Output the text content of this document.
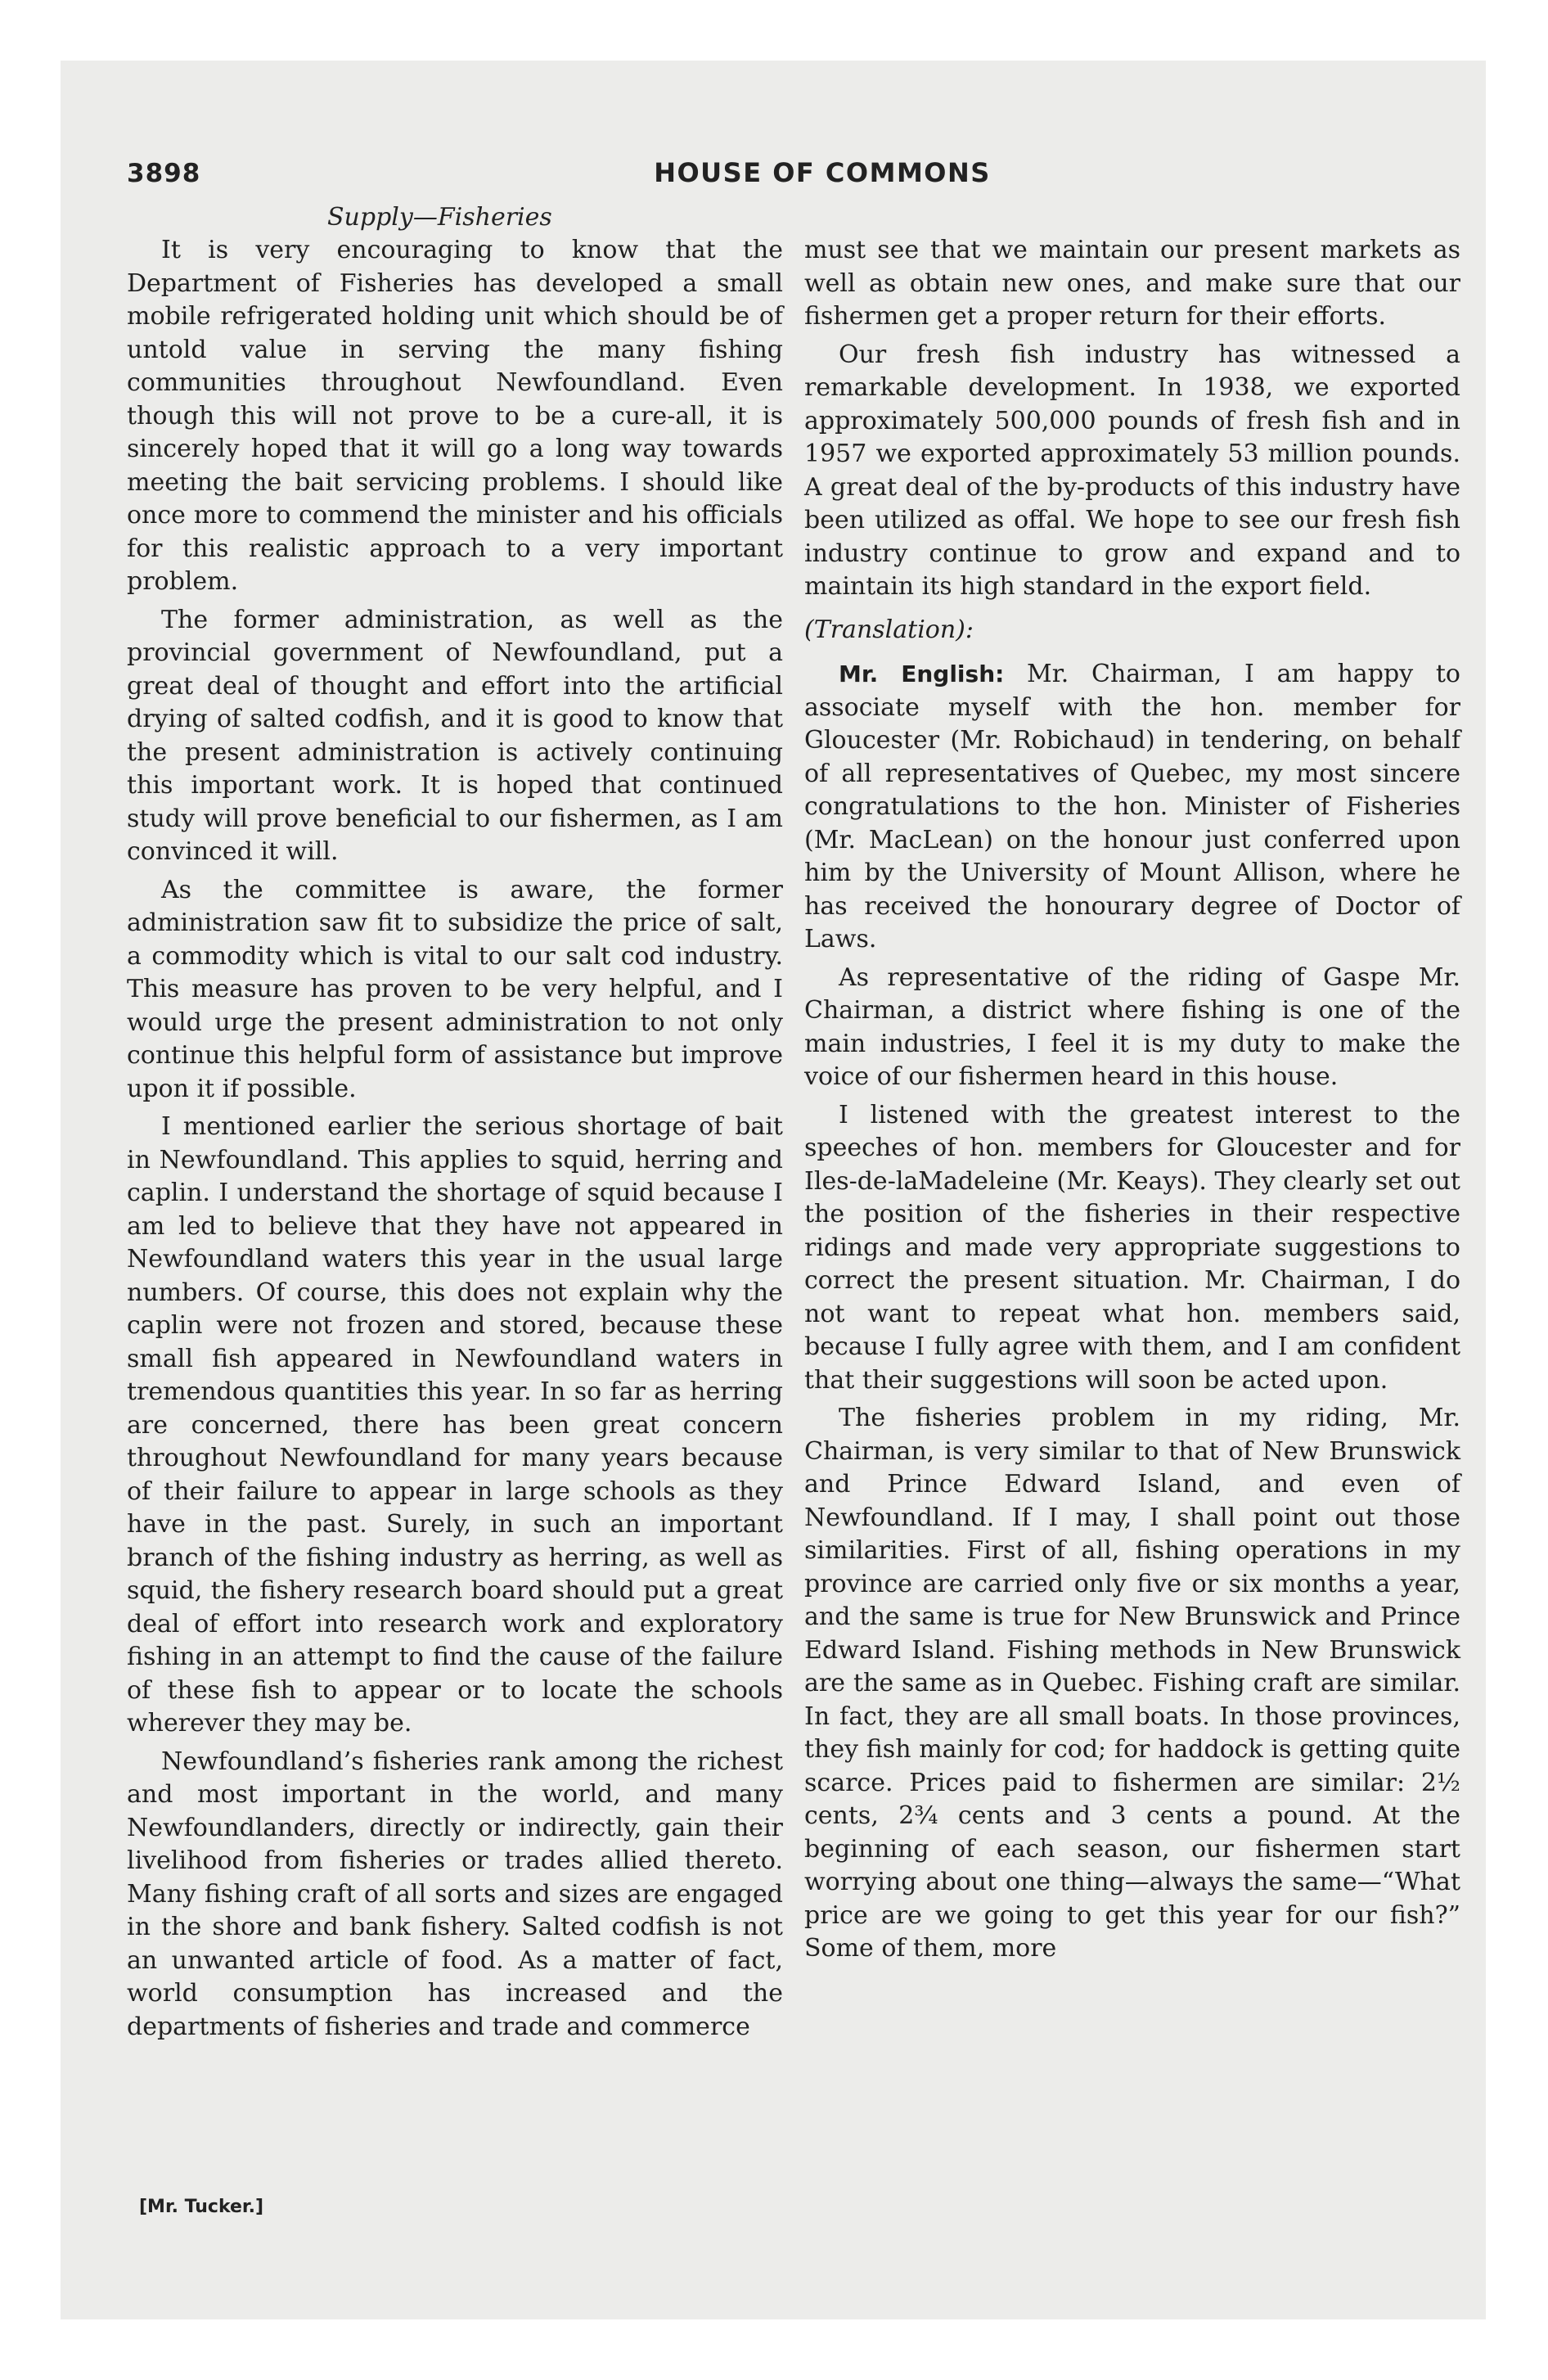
3898	HOUSE OF COMMONS
Supply—Fisheries

It is very encouraging to know that the Department of Fisheries has developed a small mobile refrigerated holding unit which should be of untold value in serving the many fishing communities throughout Newfoundland. Even though this will not prove to be a cure-all, it is sincerely hoped that it will go a long way towards meeting the bait servicing problems. I should like once more to commend the minister and his officials for this realistic approach to a very important problem.

The former administration, as well as the provincial government of Newfoundland, put a great deal of thought and effort into the artificial drying of salted codfish, and it is good to know that the present administration is actively continuing this important work. It is hoped that continued study will prove beneficial to our fishermen, as I am convinced it will.

As the committee is aware, the former administration saw fit to subsidize the price of salt, a commodity which is vital to our salt cod industry. This measure has proven to be very helpful, and I would urge the present administration to not only continue this helpful form of assistance but improve upon it if possible.

I mentioned earlier the serious shortage of bait in Newfoundland. This applies to squid, herring and caplin. I understand the shortage of squid because I am led to believe that they have not appeared in Newfoundland waters this year in the usual large numbers. Of course, this does not explain why the caplin were not frozen and stored, because these small fish appeared in Newfoundland waters in tremendous quantities this year. In so far as herring are concerned, there has been great concern throughout Newfoundland for many years because of their failure to appear in large schools as they have in the past. Surely, in such an important branch of the fishing industry as herring, as well as squid, the fishery research board should put a great deal of effort into research work and exploratory fishing in an attempt to find the cause of the failure of these fish to appear or to locate the schools wherever they may be.

Newfoundland’s fisheries rank among the richest and most important in the world, and many Newfoundlanders, directly or indirectly, gain their livelihood from fisheries or trades allied thereto. Many fishing craft of all sorts and sizes are engaged in the shore and bank fishery. Salted codfish is not an unwanted article of food. As a matter of fact, world consumption has increased and the departments of fisheries and trade and commerce

must see that we maintain our present markets as well as obtain new ones, and make sure that our fishermen get a proper return for their efforts.

Our fresh fish industry has witnessed a remarkable development. In 1938, we exported approximately 500,000 pounds of fresh fish and in 1957 we exported approximately 53 million pounds. A great deal of the by-products of this industry have been utilized as offal. We hope to see our fresh fish industry continue to grow and expand and to maintain its high standard in the export field.

(Translation):

Mr. English: Mr. Chairman, I am happy to associate myself with the hon. member for Gloucester (Mr. Robichaud) in tendering, on behalf of all representatives of Quebec, my most sincere congratulations to the hon. Minister of Fisheries (Mr. MacLean) on the honour just conferred upon him by the University of Mount Allison, where he has received the honourary degree of Doctor of Laws.

As representative of the riding of Gaspe Mr. Chairman, a district where fishing is one of the main industries, I feel it is my duty to make the voice of our fishermen heard in this house.

I listened with the greatest interest to the speeches of hon. members for Gloucester and for Iles-de-laMadeleine (Mr. Keays). They clearly set out the position of the fisheries in their respective ridings and made very appropriate suggestions to correct the present situation. Mr. Chairman, I do not want to repeat what hon. members said, because I fully agree with them, and I am confident that their suggestions will soon be acted upon.

The fisheries problem in my riding, Mr. Chairman, is very similar to that of New Brunswick and Prince Edward Island, and even of Newfoundland. If I may, I shall point out those similarities. First of all, fishing operations in my province are carried only five or six months a year, and the same is true for New Brunswick and Prince Edward Island. Fishing methods in New Brunswick are the same as in Quebec. Fishing craft are similar. In fact, they are all small boats. In those provinces, they fish mainly for cod; for haddock is getting quite scarce. Prices paid to fishermen are similar: 2½ cents, 2¾ cents and 3 cents a pound. At the beginning of each season, our fishermen start worrying about one thing—always the same—“What price are we going to get this year for our fish?” Some of them, more

[Mr. Tucker.]
